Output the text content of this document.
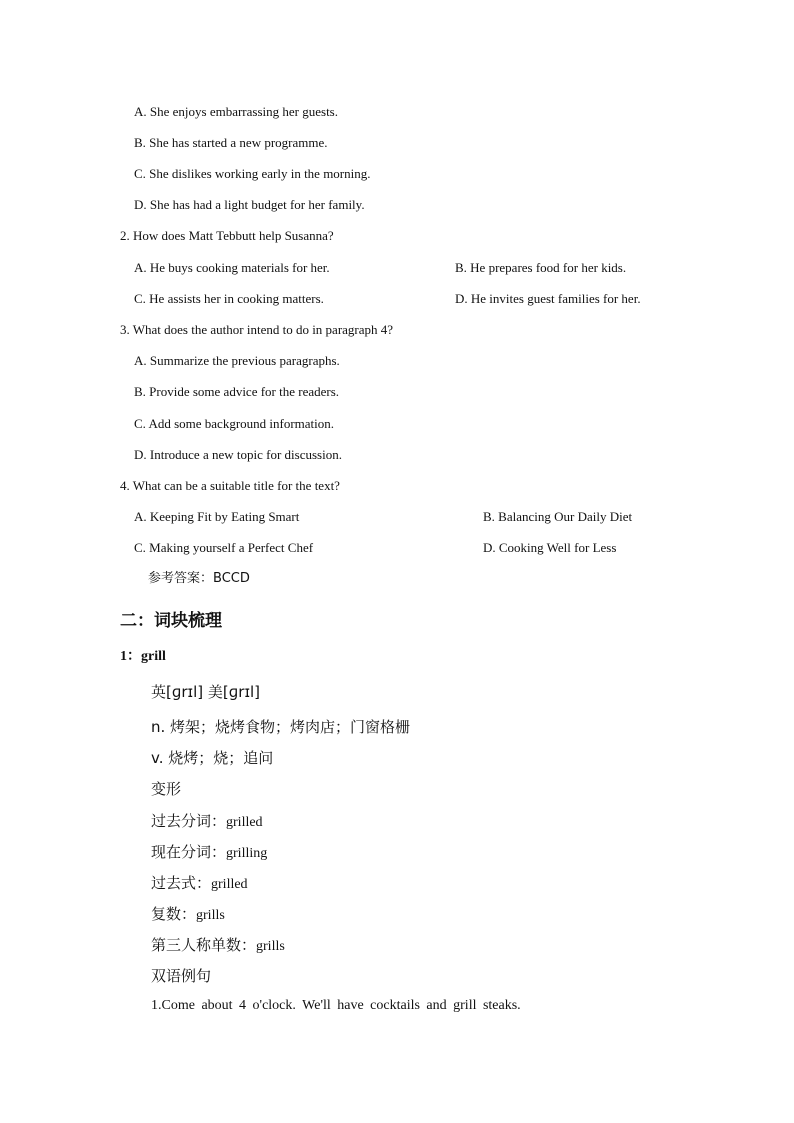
A. She enjoys embarrassing her guests.
B. She has started a new programme.
C. She dislikes working early in the morning.
D. She has had a light budget for her family.
2. How does Matt Tebbutt help Susanna?
A. He buys cooking materials for her.	B. He prepares food for her kids.
C. He assists her in cooking matters.	D. He invites guest families for her.
3. What does the author intend to do in paragraph 4?
A. Summarize the previous paragraphs.
B. Provide some advice for the readers.
C. Add some background information.
D. Introduce a new topic for discussion.
4. What can be a suitable title for the text?
A. Keeping Fit by Eating Smart	B. Balancing Our Daily Diet
C. Making yourself a Perfect Chef	D. Cooking Well for Less
参考答案：BCCD
二：词块梳理
1：grill
英[ɡrɪl] 美[ɡrɪl]
n. 烤架；烧烤食物；烤肉店；门窗格栅
v. 烧烤；烧；追问
变形
过去分词：grilled
现在分词：grilling
过去式：grilled
复数：grills
第三人称单数：grills
双语例句
1.Come about 4 o'clock. We'll have cocktails and grill steaks.
